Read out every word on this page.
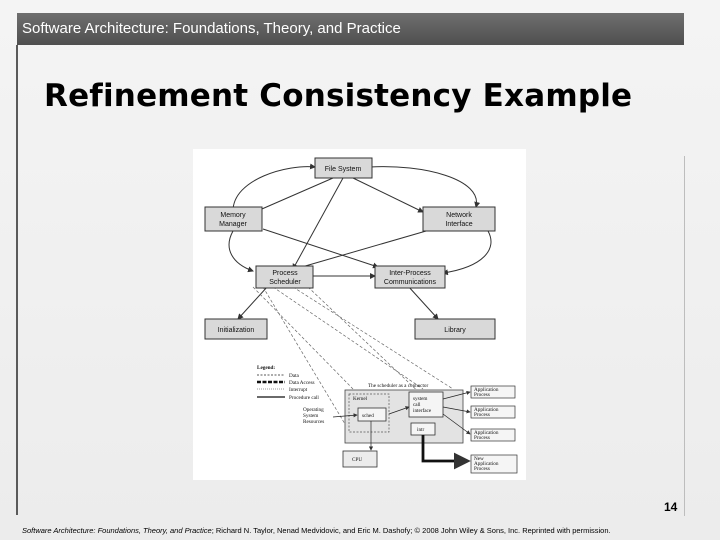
Software Architecture: Foundations, Theory, and Practice
Refinement Consistency Example
File System
Memory
Manager
Network
Interface
Process
Scheduler
Inter-Process
Communications
Initialization	Library
Legend:
Data
Data Access
Interrupt
Procedure call
The scheduler as a connector
Kernel
sched
system
call
interface
intr
Operating
System
Resources
CPU
Application
Process
Application
Process
Application
Process
New
Application
Process
14
Software Architecture: Foundations, Theory, and Practice; Richard N. Taylor, Nenad Medvidovic, and Eric M. Dashofy; © 2008 John Wiley & Sons, Inc. Reprinted with permission.
